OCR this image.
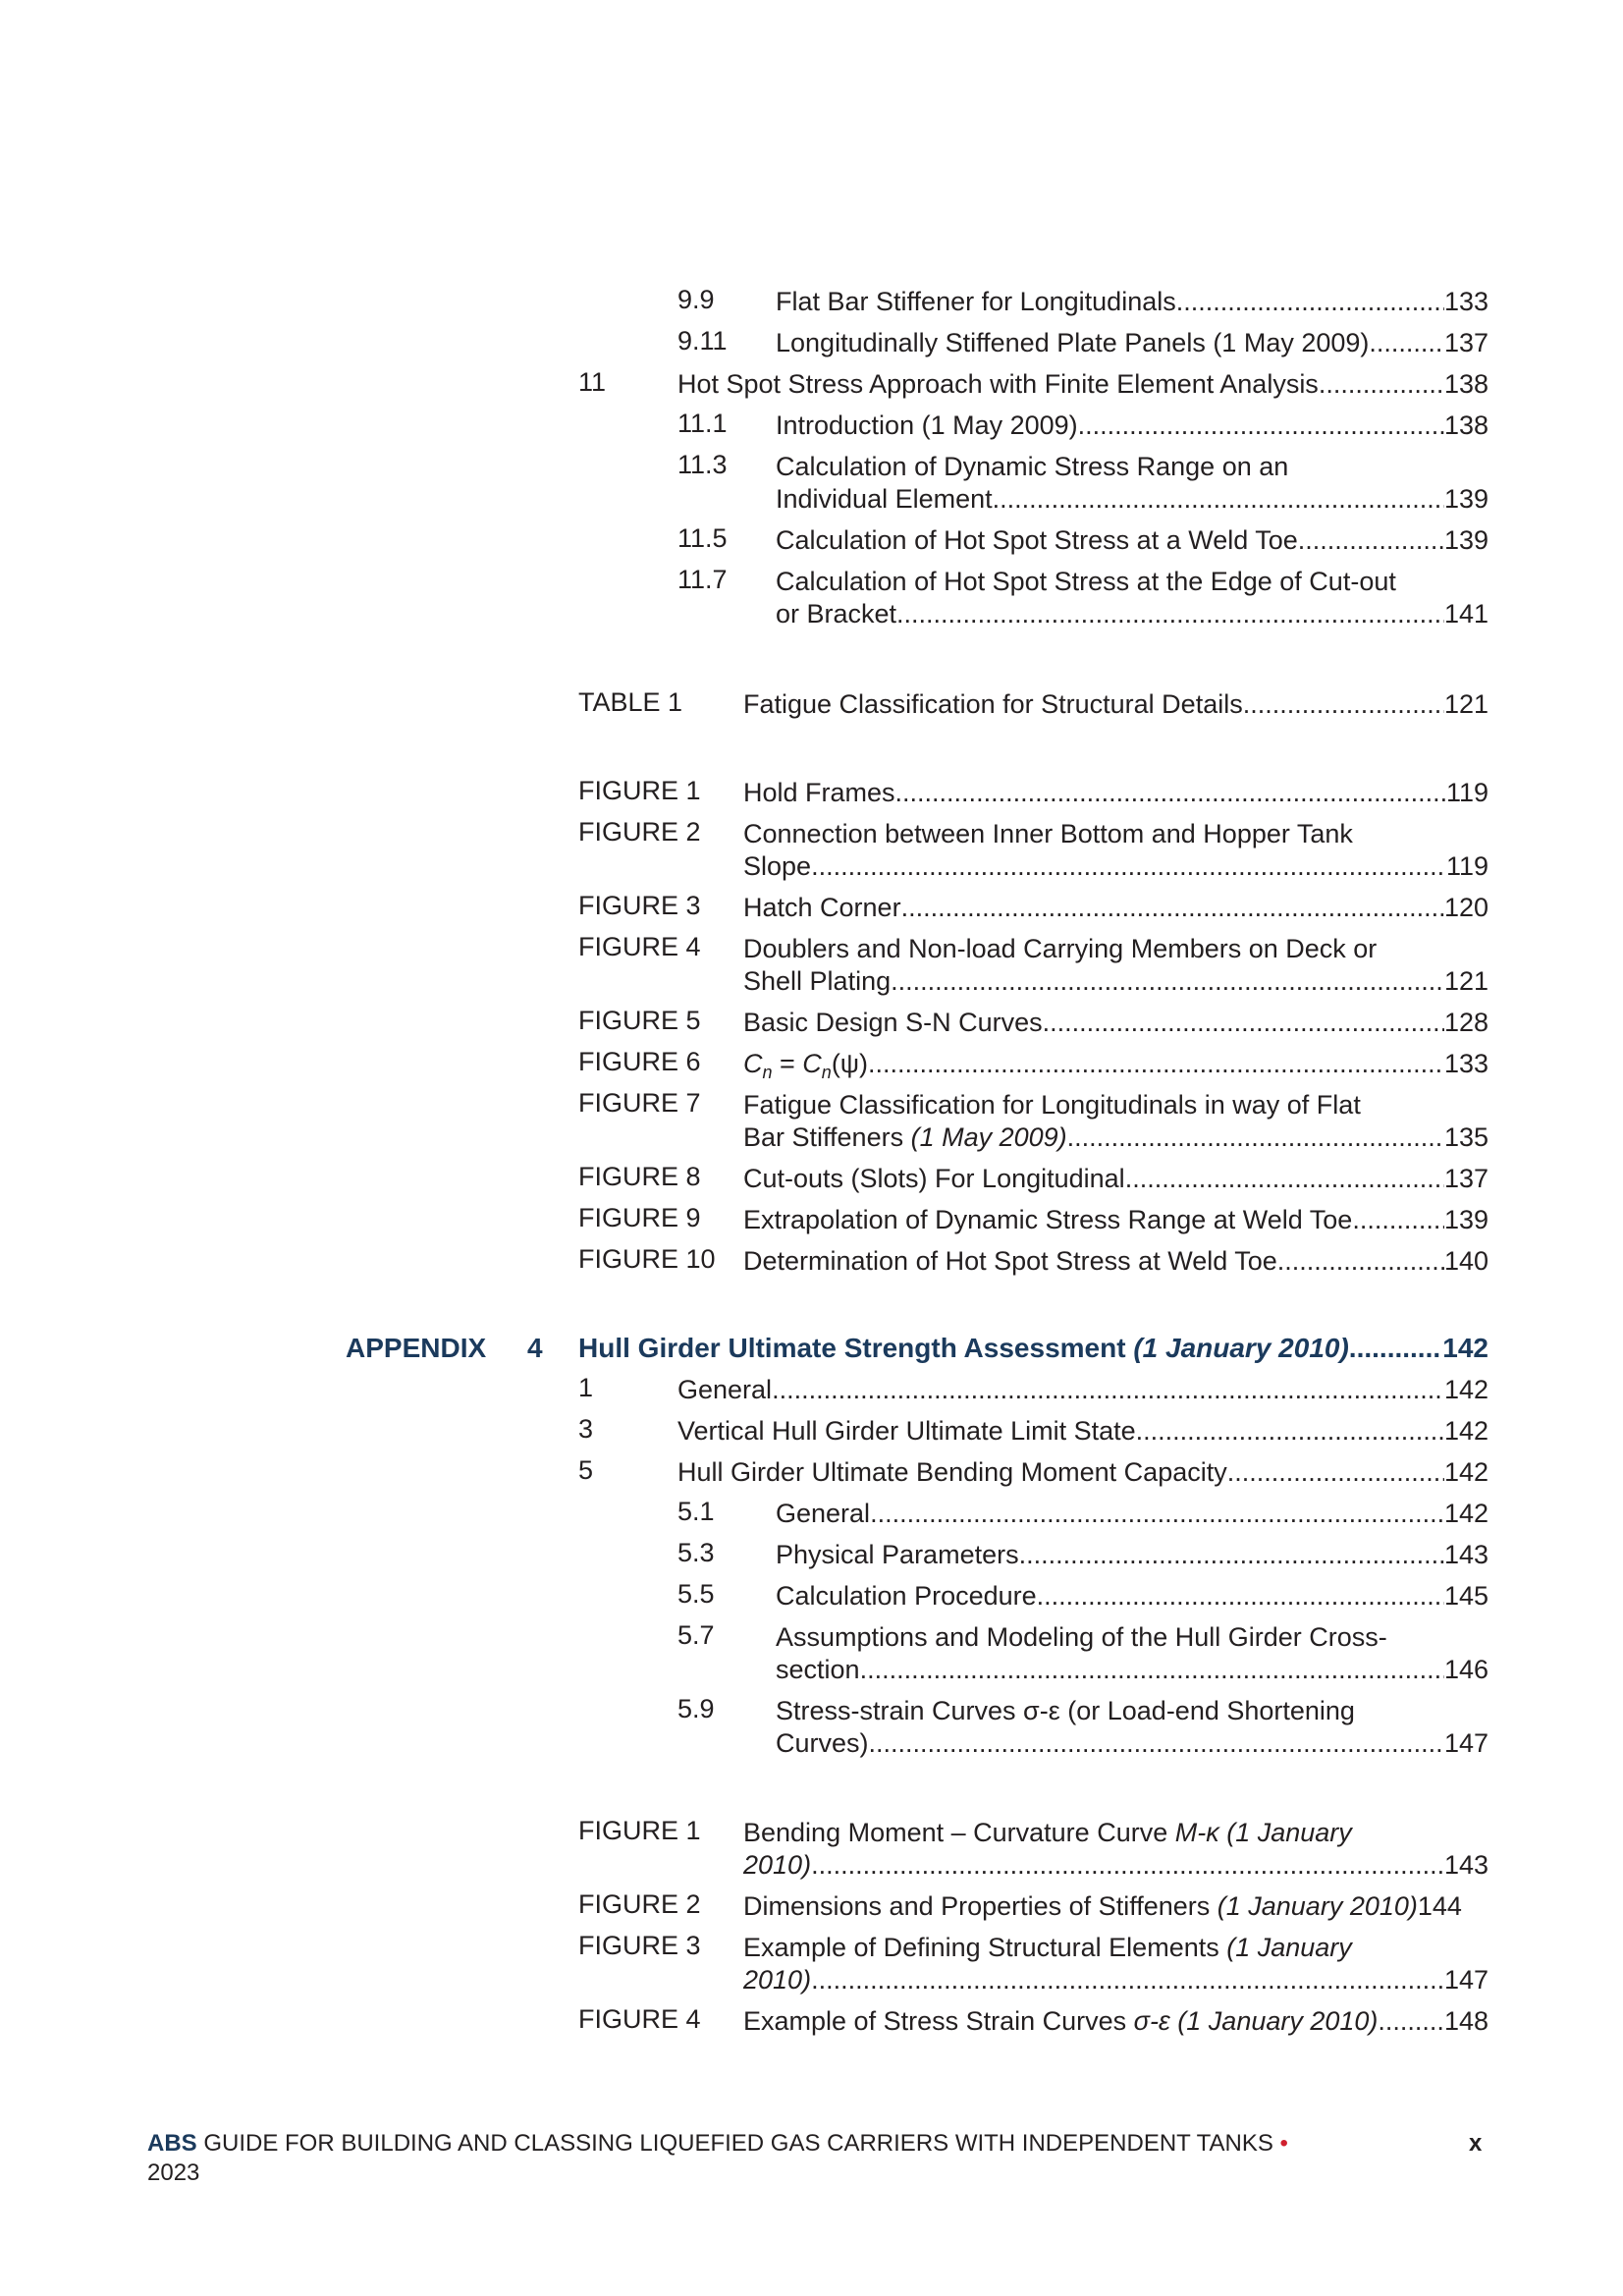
9.9 Flat Bar Stiffener for Longitudinals .....	133
9.11 Longitudinally Stiffened Plate Panels (1 May 2009) .....	137
11	Hot Spot Stress Approach with Finite Element Analysis .....	138
11.1 Introduction (1 May 2009) .....	138
11.3 Calculation of Dynamic Stress Range on an
Individual Element .....	139
11.5 Calculation of Hot Spot Stress at a Weld Toe .....	139
11.7 Calculation of Hot Spot Stress at the Edge of Cut-out
or Bracket .....	141
TABLE 1 Fatigue Classification for Structural Details .....	121
FIGURE 1 Hold Frames .....	119
FIGURE 2 Connection between Inner Bottom and Hopper Tank
Slope .....	119
FIGURE 3 Hatch Corner .....	120
FIGURE 4 Doublers and Non-load Carrying Members on Deck or
Shell Plating .....	121
FIGURE 5 Basic Design S-N Curves .....	128
FIGURE 6 $C_n = C_n(\psi)$ .....	133
FIGURE 7 Fatigue Classification for Longitudinals in way of Flat
Bar Stiffeners (1 May 2009) .....	135
FIGURE 8 Cut-outs (Slots) For Longitudinal .....	137
FIGURE 9 Extrapolation of Dynamic Stress Range at Weld Toe .....	139
FIGURE 10 Determination of Hot Spot Stress at Weld Toe .....	140
APPENDIX 4 Hull Girder Ultimate Strength Assessment (1 January 2010) .....	142
1	General .....	142
3	Vertical Hull Girder Ultimate Limit State .....	142
5	Hull Girder Ultimate Bending Moment Capacity .....	142
5.1 General .....	142
5.3 Physical Parameters .....	143
5.5 Calculation Procedure .....	145
5.7 Assumptions and Modeling of the Hull Girder Cross-
section .....	146
5.9 Stress-strain Curves σ-ε (or Load-end Shortening
Curves) .....	147
FIGURE 1 Bending Moment – Curvature Curve M-κ (1 January
2010) .....	143
FIGURE 2 Dimensions and Properties of Stiffeners (1 January 2010) 144
FIGURE 3 Example of Defining Structural Elements (1 January
2010) .....	147
FIGURE 4 Example of Stress Strain Curves σ-ε (1 January 2010) .....	148
ABS GUIDE FOR BUILDING AND CLASSING LIQUEFIED GAS CARRIERS WITH INDEPENDENT TANKS •
2023
x
